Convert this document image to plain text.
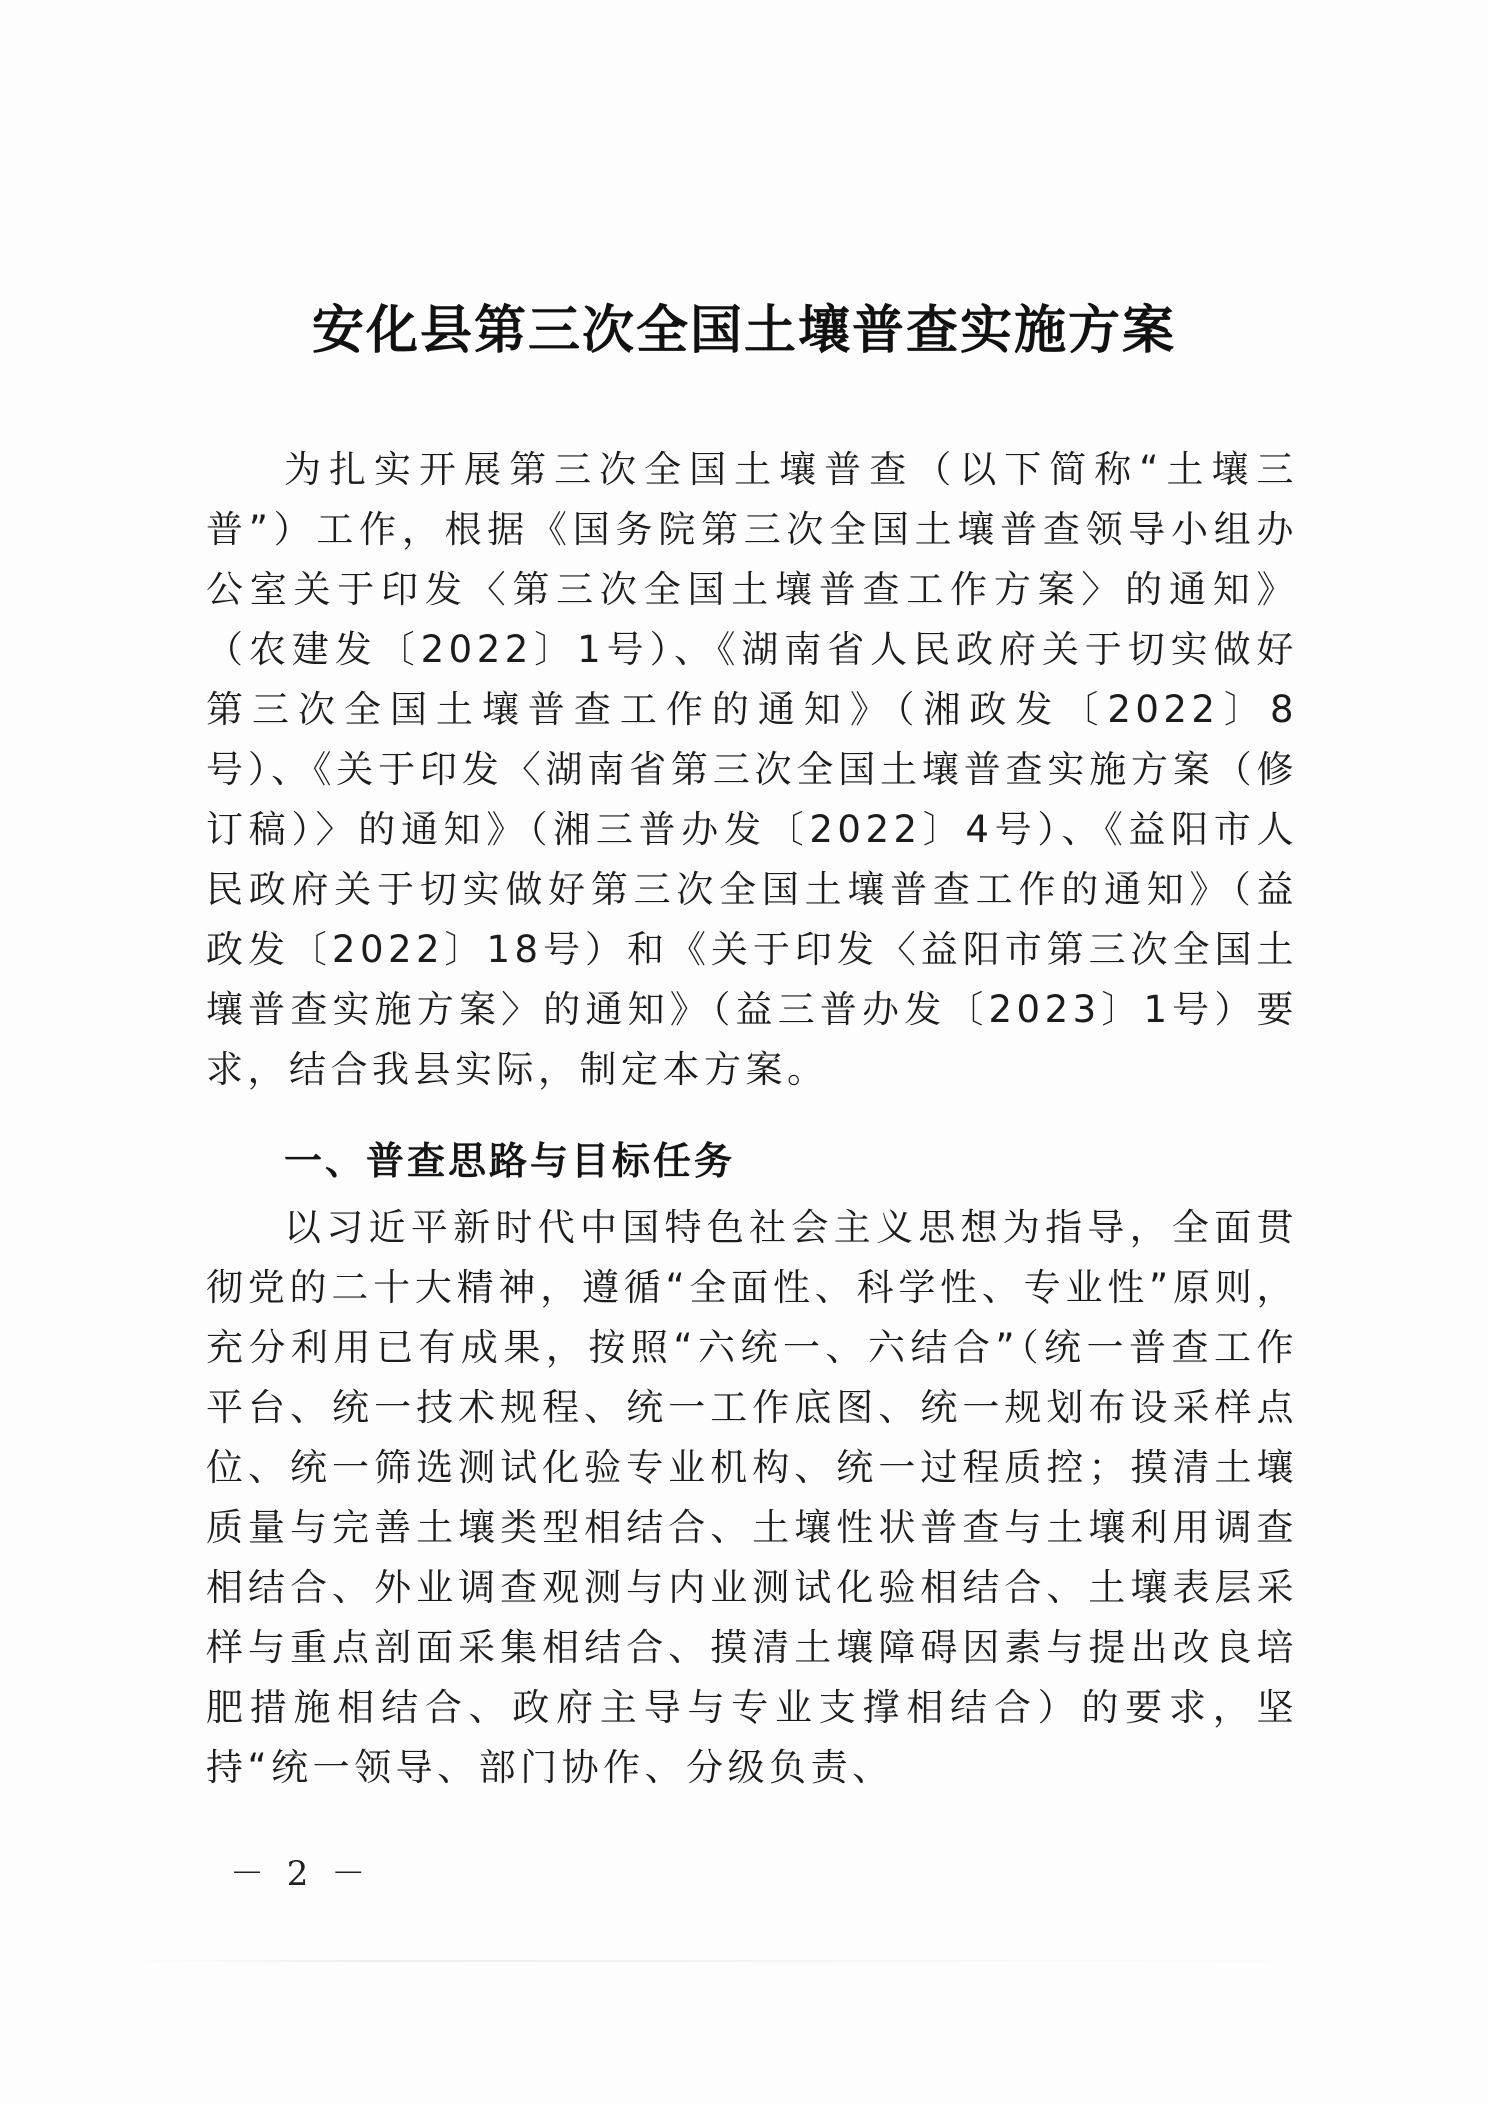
安化县第三次全国土壤普查实施方案

为扎实开展第三次全国土壤普查（以下简称“土壤三普”）工作，根据《国务院第三次全国土壤普查领导小组办公室关于印发〈第三次全国土壤普查工作方案〉的通知》（农建发〔2022〕1号）、《湖南省人民政府关于切实做好第三次全国土壤普查工作的通知》（湘政发〔2022〕8号）、《关于印发〈湖南省第三次全国土壤普查实施方案（修订稿）〉的通知》（湘三普办发〔2022〕4号）、《益阳市人民政府关于切实做好第三次全国土壤普查工作的通知》（益政发〔2022〕18号）和《关于印发〈益阳市第三次全国土壤普查实施方案〉的通知》（益三普办发〔2023〕1号）要求，结合我县实际，制定本方案。

一、普查思路与目标任务

以习近平新时代中国特色社会主义思想为指导，全面贯彻党的二十大精神，遵循“全面性、科学性、专业性”原则，充分利用已有成果，按照“六统一、六结合”（统一普查工作平台、统一技术规程、统一工作底图、统一规划布设采样点位、统一筛选测试化验专业机构、统一过程质控；摸清土壤质量与完善土壤类型相结合、土壤性状普查与土壤利用调查相结合、外业调查观测与内业测试化验相结合、土壤表层采样与重点剖面采集相结合、摸清土壤障碍因素与提出改良培肥措施相结合、政府主导与专业支撑相结合）的要求，坚持“统一领导、部门协作、分级负责、

－ 2 －
